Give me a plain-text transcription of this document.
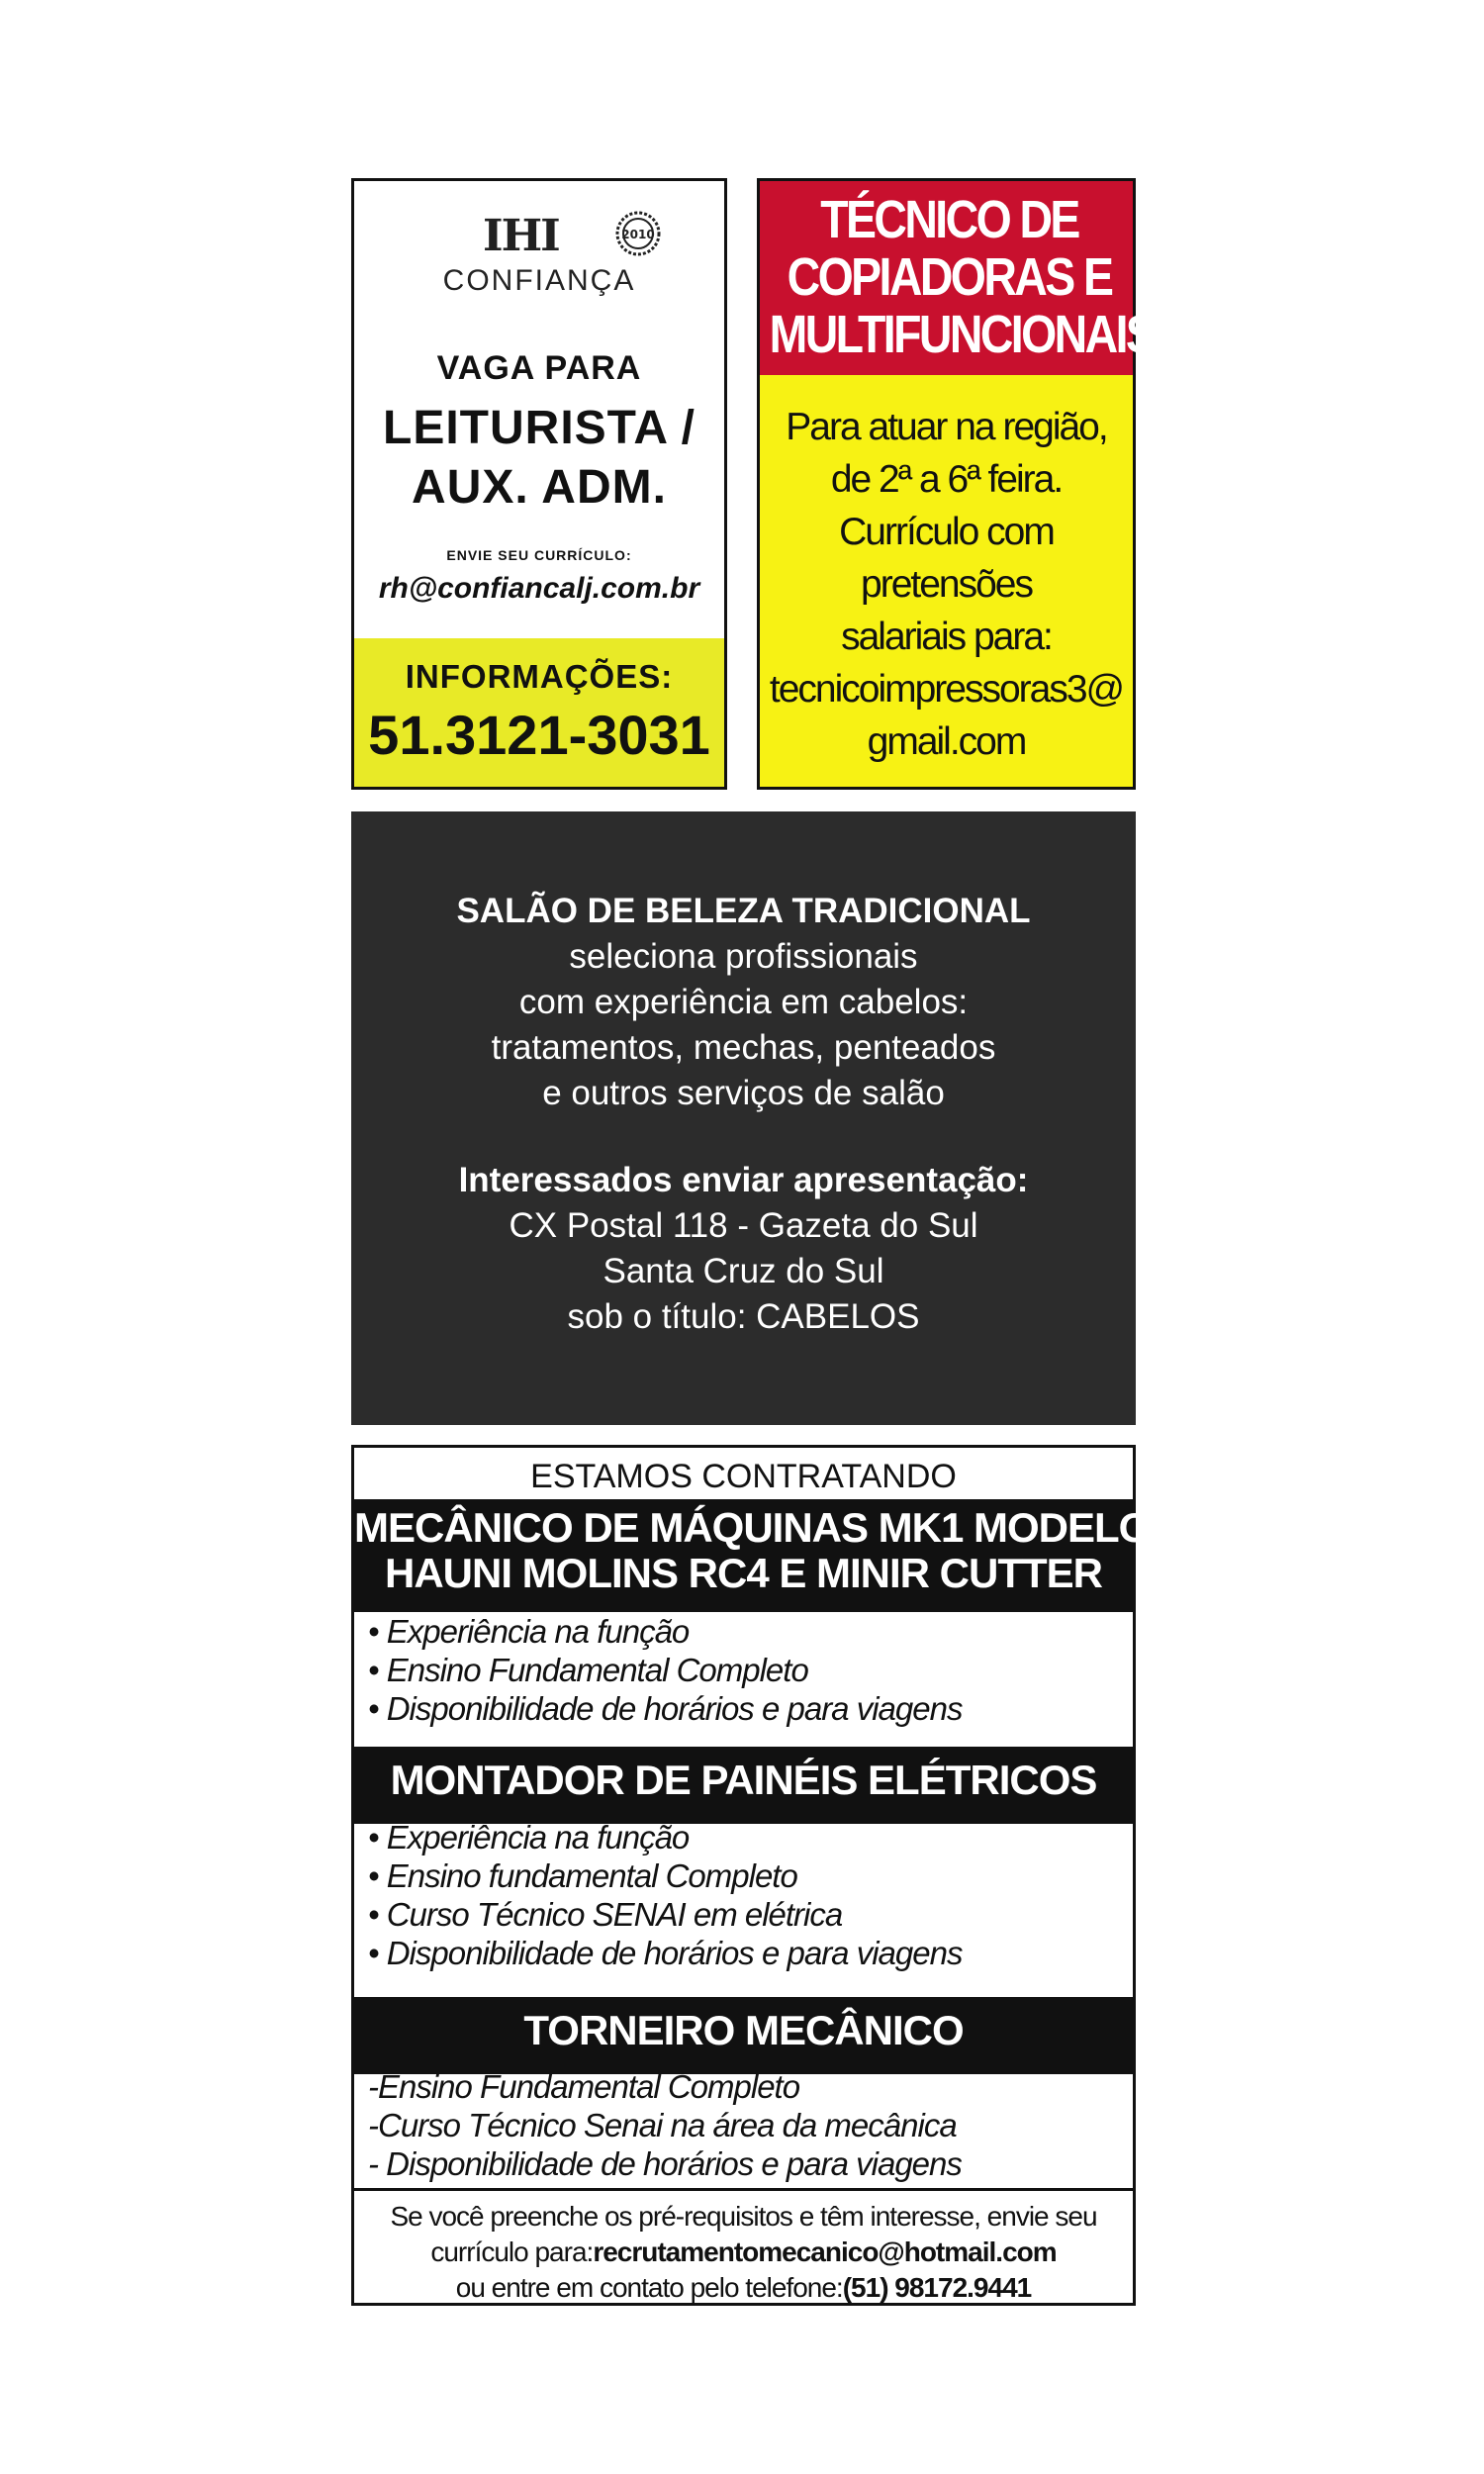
IHI	2010
CONFIANÇA
VAGA PARA
LEITURISTA /
AUX. ADM.
ENVIE SEU CURRÍCULO:
rh@confiancalj.com.br
INFORMAÇÕES:
51.3121-3031
TÉCNICO DE
COPIADORAS E
MULTIFUNCIONAIS
Para atuar na região,
de 2ª a 6ª feira.
Currículo com
pretensões
salariais para:
tecnicoimpressoras3@
gmail.com
SALÃO DE BELEZA TRADICIONAL
seleciona profissionais
com experiência em cabelos:
tratamentos, mechas, penteados
e outros serviços de salão
Interessados enviar apresentação:
CX Postal 118 - Gazeta do Sul
Santa Cruz do Sul
sob o título: CABELOS
ESTAMOS CONTRATANDO
MECÂNICO DE MÁQUINAS MK1 MODELOS
HAUNI MOLINS RC4 E MINIR CUTTER
• Experiência na função
• Ensino Fundamental Completo
• Disponibilidade de horários e para viagens
MONTADOR DE PAINÉIS ELÉTRICOS
• Experiência na função
• Ensino fundamental Completo
• Curso Técnico SENAI em elétrica
• Disponibilidade de horários e para viagens
TORNEIRO MECÂNICO
-Ensino Fundamental Completo
-Curso Técnico Senai na área da mecânica
- Disponibilidade de horários e para viagens
Se você preenche os pré-requisitos e têm interesse, envie seu
currículo para:recrutamentomecanico@hotmail.com
ou entre em contato pelo telefone:(51) 98172.9441
